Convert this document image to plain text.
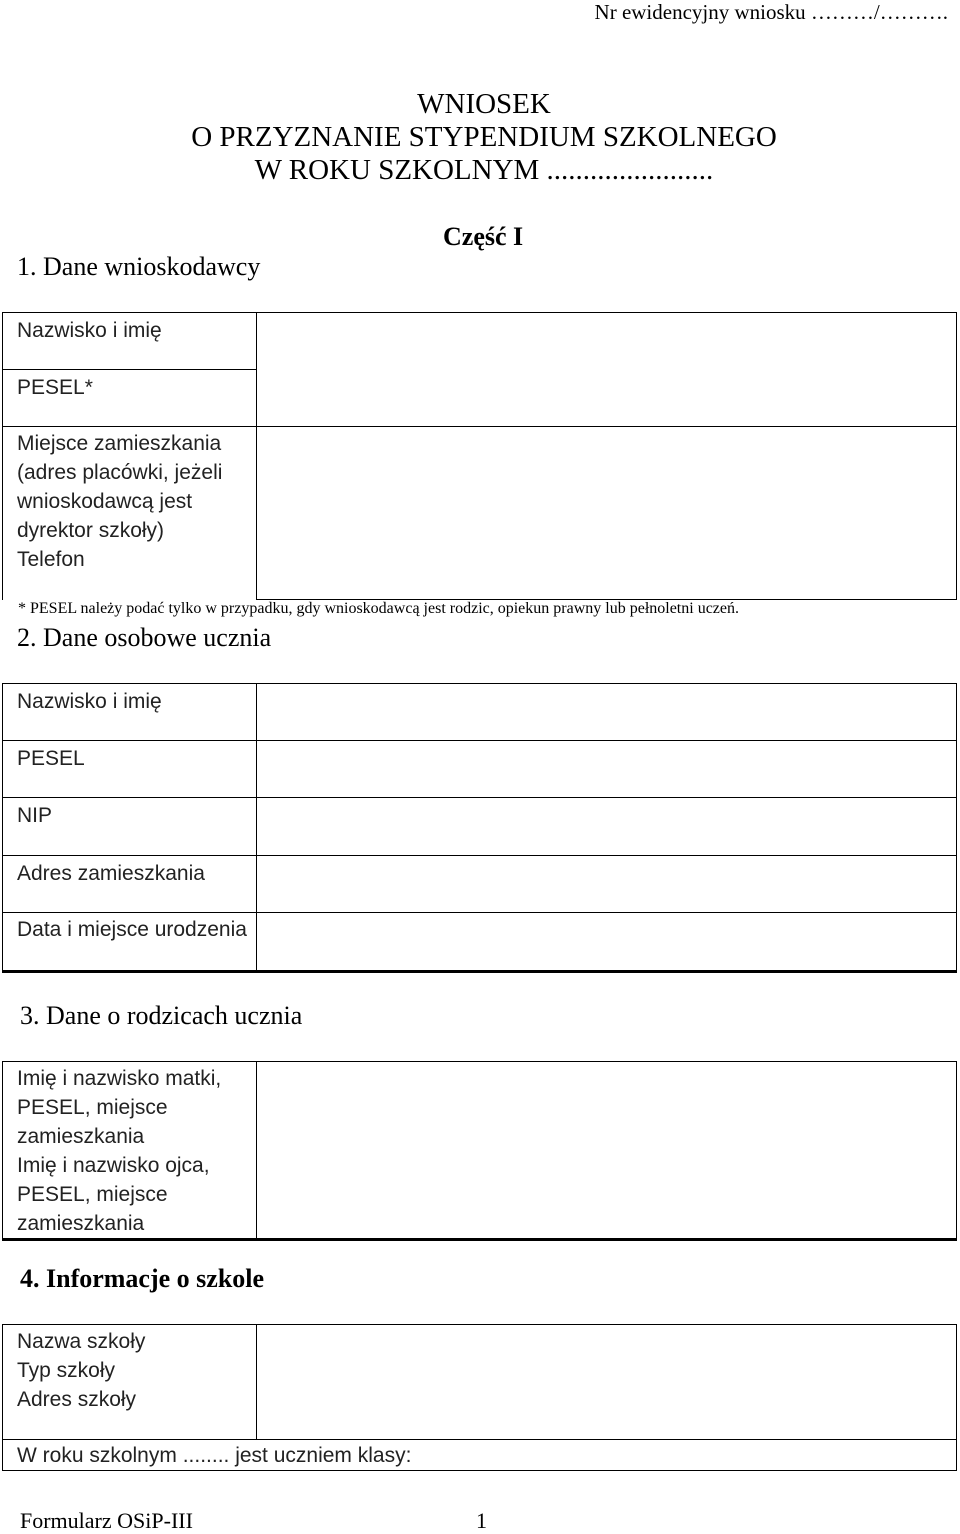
Nr ewidencyjny wniosku ………/……….
WNIOSEK
O PRZYZNANIE STYPENDIUM SZKOLNEGO
W ROKU SZKOLNYM .......................
Część I
1. Dane wnioskodawcy
Nazwisko i imię	
PESEL*	

Miejsce zamieszkania (adres placówki, jeżeli wnioskodawcą jest dyrektor szkoły)
Telefon	

* PESEL należy podać tylko w przypadku, gdy wnioskodawcą jest rodzic, opiekun prawny lub pełnoletni uczeń.
2. Dane osobowe ucznia
Nazwisko i imię	
PESEL	
NIP	
Adres zamieszkania	
Data i miejsce urodzenia	
3. Dane o rodzicach ucznia
Imię i nazwisko matki, PESEL, miejsce zamieszkania
Imię i nazwisko ojca, PESEL, miejsce zamieszkania

4. Informacje o szkole
Nazwa szkoły
Typ szkoły
Adres szkoły

W roku szkolnym ........ jest uczniem klasy:
Formularz OSiP-III	1
